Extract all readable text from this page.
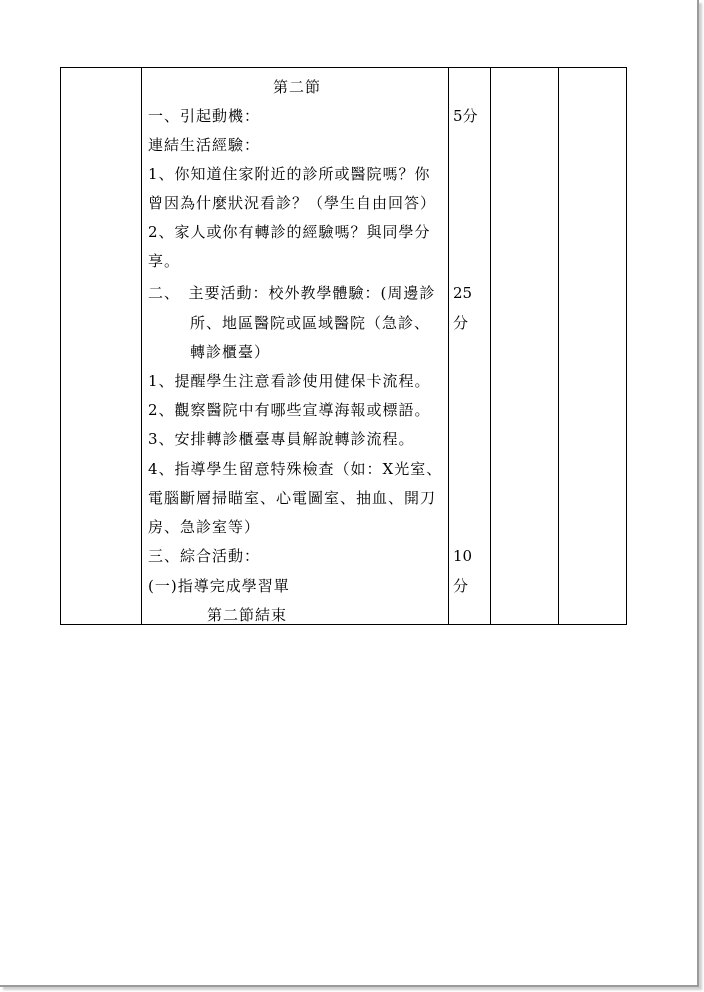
第二節
一、引起動機：
連結生活經驗：
1、你知道住家附近的診所或醫院嗎？你
曾因為什麼狀況看診？（學生自由回答）
2、家人或你有轉診的經驗嗎？與同學分
享。
二、　主要活動：校外教學體驗：(周邊診
所、地區醫院或區域醫院（急診、
轉診櫃臺）
1、提醒學生注意看診使用健保卡流程。
2、觀察醫院中有哪些宣導海報或標語。
3、安排轉診櫃臺專員解說轉診流程。
4、指導學生留意特殊檢查（如：X光室、
電腦斷層掃瞄室、心電圖室、抽血、開刀
房、急診室等）
三、綜合活動：
(一)指導完成學習單
第二節結束
5分
25
分
10
分
